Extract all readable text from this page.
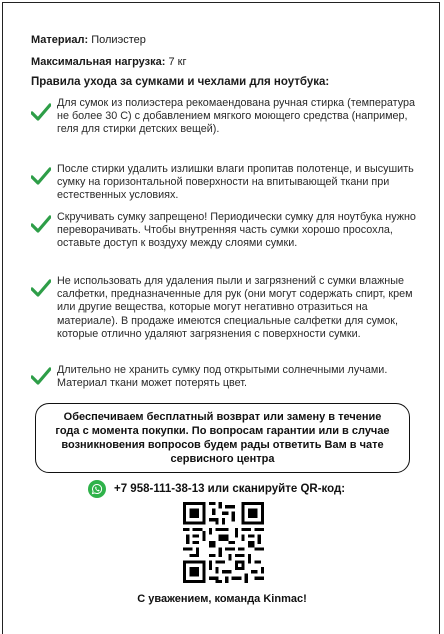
Материал: Полиэстер
Максимальная нагрузка: 7 кг
Правила ухода за сумками и чехлами для ноутбука:
Для сумок из полиэстера рекомаендована ручная стирка (температура не более 30 С) с добавлением мягкого моющего средства (например, геля для стирки детских вещей).
После стирки удалить излишки влаги пропитав полотенце, и высушить сумку на горизонтальной поверхности на впитывающей ткани при естественных условиях.
Скручивать сумку запрещено! Периодически сумку для ноутбука нужно переворачивать. Чтобы внутренняя часть сумки хорошо просохла, оставьте доступ к воздуху между слоями сумки.
Не использовать для удаления пыли и загрязнений с сумки влажные салфетки, предназначенные для рук (они могут содержать спирт, крем или другие вещества, которые могут негативно отразиться на материале). В продаже имеются специальные салфетки для сумок, которые отлично удаляют загрязнения с поверхности сумки.
Длительно не хранить сумку под открытыми солнечными лучами. Материал ткани может потерять цвет.
Обеспечиваем бесплатный возврат или замену в течение года с момента покупки. По вопросам гарантии или в случае возникновения вопросов будем рады ответить Вам в чате сервисного центра
+7 958-111-38-13 или сканируйте QR-код:
С уважением, команда Kinmac!
